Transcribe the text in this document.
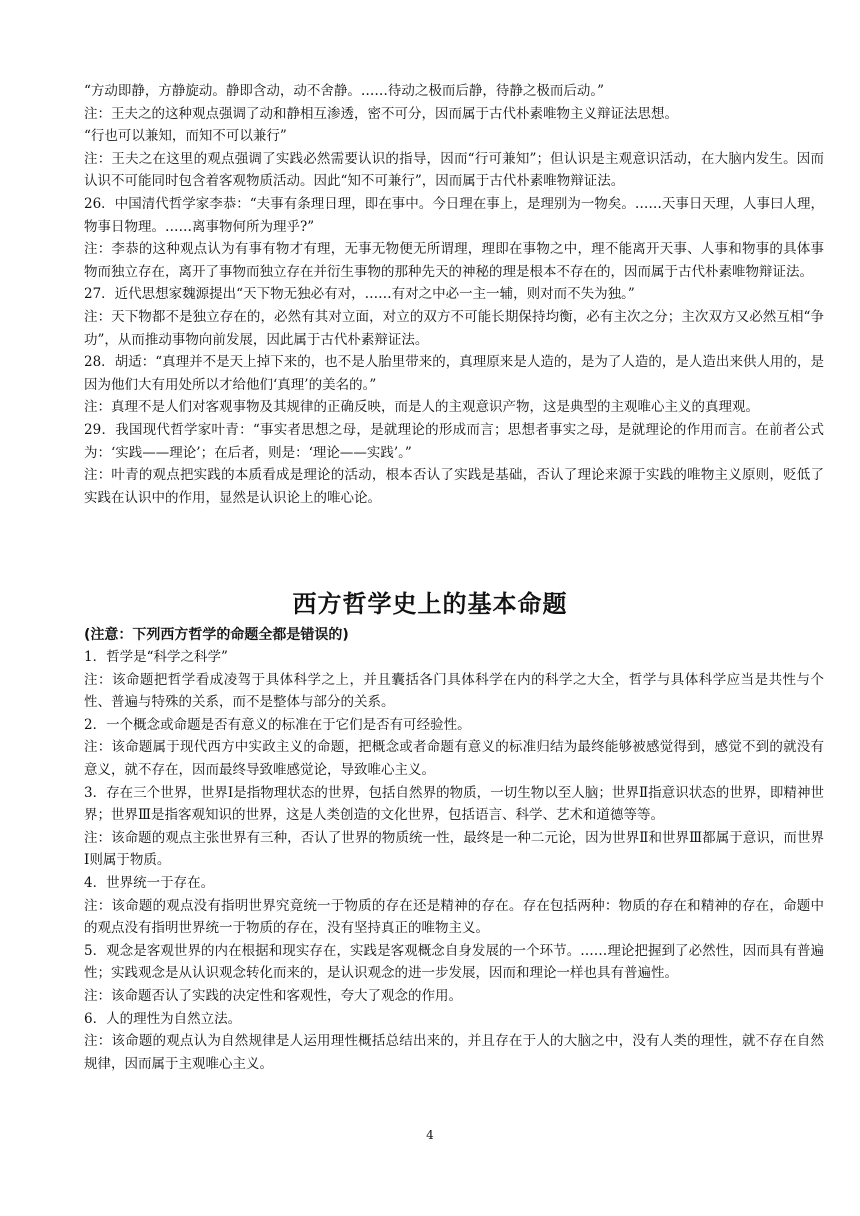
“方动即静，方静旋动。静即含动，动不舍静。……待动之极而后静，待静之极而后动。”

注：王夫之的这种观点强调了动和静相互渗透，密不可分，因而属于古代朴素唯物主义辩证法思想。

“行也可以兼知，而知不可以兼行”

注：王夫之在这里的观点强调了实践必然需要认识的指导，因而“行可兼知”；但认识是主观意识活动，在大脑内发生。因而认识不可能同时包含着客观物质活动。因此“知不可兼行”，因而属于古代朴素唯物辩证法。

26．中国清代哲学家李恭：“夫事有条理日理，即在事中。今日理在事上，是理别为一物矣。……天事日天理，人事曰人理，物事日物理。……离事物何所为理乎?”

注：李恭的这种观点认为有事有物才有理，无事无物便无所谓理，理即在事物之中，理不能离开天事、人事和物事的具体事物而独立存在，离开了事物而独立存在并衍生事物的那种先天的神秘的理是根本不存在的，因而属于古代朴素唯物辩证法。

27．近代思想家魏源提出“天下物无独必有对，……有对之中必一主一辅，则对而不失为独。”

注：天下物都不是独立存在的，必然有其对立面，对立的双方不可能长期保持均衡，必有主次之分；主次双方又必然互相“争功”，从而推动事物向前发展，因此属于古代朴素辩证法。

28．胡适：“真理并不是天上掉下来的，也不是人胎里带来的，真理原来是人造的，是为了人造的，是人造出来供人用的，是因为他们大有用处所以才给他们‘真理’的美名的。”

注：真理不是人们对客观事物及其规律的正确反映，而是人的主观意识产物，这是典型的主观唯心主义的真理观。

29．我国现代哲学家叶青：“事实者思想之母，是就理论的形成而言；思想者事实之母，是就理论的作用而言。在前者公式为：‘实践——理论’；在后者，则是：‘理论——实践’。”

注：叶青的观点把实践的本质看成是理论的活动，根本否认了实践是基础，否认了理论来源于实践的唯物主义原则，贬低了实践在认识中的作用，显然是认识论上的唯心论。

西方哲学史上的基本命题

(注意：下列西方哲学的命题全都是错误的)

1．哲学是“科学之科学”

注：该命题把哲学看成凌驾于具体科学之上，并且囊括各门具体科学在内的科学之大全，哲学与具体科学应当是共性与个性、普遍与特殊的关系，而不是整体与部分的关系。

2．一个概念或命题是否有意义的标准在于它们是否有可经验性。

注：该命题属于现代西方中实政主义的命题，把概念或者命题有意义的标准归结为最终能够被感觉得到，感觉不到的就没有意义，就不存在，因而最终导致唯感觉论，导致唯心主义。

3．存在三个世界，世界Ⅰ是指物理状态的世界，包括自然界的物质，一切生物以至人脑；世界Ⅱ指意识状态的世界，即精神世界；世界Ⅲ是指客观知识的世界，这是人类创造的文化世界，包括语言、科学、艺术和道德等等。

注：该命题的观点主张世界有三种，否认了世界的物质统一性，最终是一种二元论，因为世界Ⅱ和世界Ⅲ都属于意识，而世界Ⅰ则属于物质。

4．世界统一于存在。

注：该命题的观点没有指明世界究竟统一于物质的存在还是精神的存在。存在包括两种：物质的存在和精神的存在，命题中的观点没有指明世界统一于物质的存在，没有坚持真正的唯物主义。

5．观念是客观世界的内在根据和现实存在，实践是客观概念自身发展的一个环节。……理论把握到了必然性，因而具有普遍性；实践观念是从认识观念转化而来的，是认识观念的进一步发展，因而和理论一样也具有普遍性。

注：该命题否认了实践的决定性和客观性，夸大了观念的作用。

6．人的理性为自然立法。

注：该命题的观点认为自然规律是人运用理性概括总结出来的，并且存在于人的大脑之中，没有人类的理性，就不存在自然规律，因而属于主观唯心主义。

4
